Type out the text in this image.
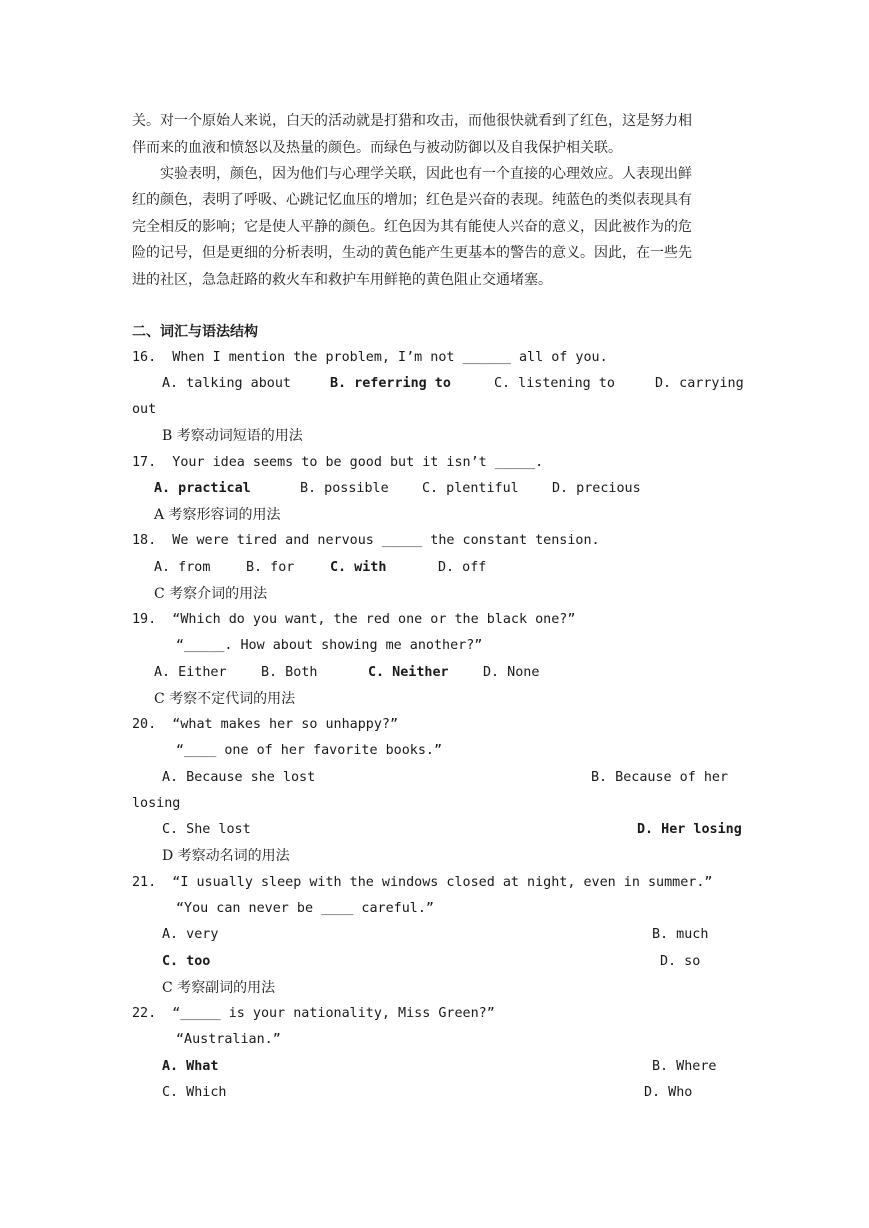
关。对一个原始人来说，白天的活动就是打猎和攻击，而他很快就看到了红色，这是努力相
伴而来的血液和愤怒以及热量的颜色。而绿色与被动防御以及自我保护相关联。
实验表明，颜色，因为他们与心理学关联，因此也有一个直接的心理效应。人表现出鲜
红的颜色，表明了呼吸、心跳记忆血压的增加；红色是兴奋的表现。纯蓝色的类似表现具有
完全相反的影响；它是使人平静的颜色。红色因为其有能使人兴奋的意义，因此被作为的危
险的记号，但是更细的分析表明，生动的黄色能产生更基本的警告的意义。因此，在一些先
进的社区，急急赶路的救火车和救护车用鲜艳的黄色阻止交通堵塞。
二、词汇与语法结构
16.  When I mention the problem, I’m not ______ all of you.
A. talking about	B. referring to	C. listening to	D. carrying
out
B 考察动词短语的用法
17.  Your idea seems to be good but it isn’t _____.
A. practical	B. possible C. plentiful D. precious
A 考察形容词的用法
18.  We were tired and nervous _____ the constant tension.
A. from	B. for	C. with	D. off
C 考察介词的用法
19.  “Which do you want, the red one or the black one?”
“_____. How about showing me another?”
A. Either	B. Both	C. Neither	D. None
C 考察不定代词的用法
20.  “what makes her so unhappy?”
“____ one of her favorite books.”
A. Because she lost	B. Because of her
losing
C. She lost	D. Her losing
D 考察动名词的用法
21.  “I usually sleep with the windows closed at night, even in summer.”
“You can never be ____ careful.”
A. very	B. much
C. too	D. so
C 考察副词的用法
22.  “_____ is your nationality, Miss Green?”
“Australian.”
A. What	B. Where
C. Which	D. Who
